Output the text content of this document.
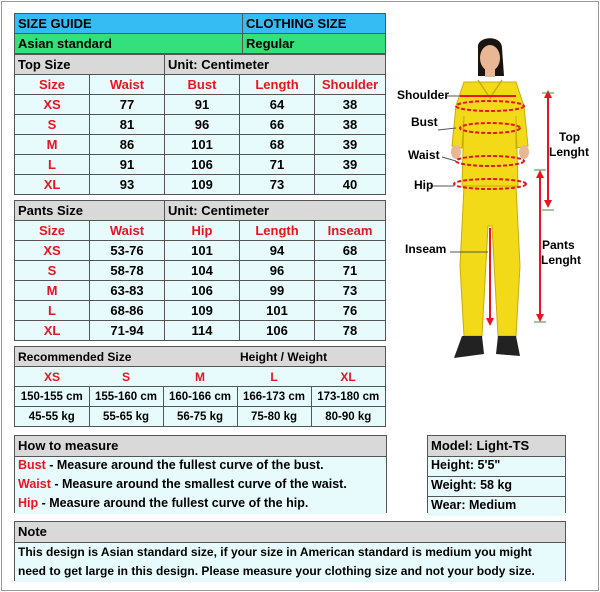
SIZE GUIDE	CLOTHING SIZE
Asian standard	Regular
Top Size		Unit: Centimeter		
Size	Waist	Bust	Length	Shoulder
XS	77	91	64	38
S	81	96	66	38
M	86	101	68	39
L	91	106	71	39
XL	93	109	73	40
Pants Size		Unit: Centimeter		
Size	Waist	Hip	Length	Inseam
XS	53-76	101	94	68
S	58-78	104	96	71
M	63-83	106	99	73
L	68-86	109	101	76
XL	71-94	114	106	78
Recommended Size			Height / Weight	
XS	S	M	L	XL
150-155 cm	155-160 cm	160-166 cm	166-173 cm	173-180 cm
45-55 kg	55-65 kg	56-75 kg	75-80 kg	80-90 kg
How to measure
Bust - Measure around the fullest curve of the bust.
Waist - Measure around the smallest curve of the waist.
Hip - Measure around the fullest curve of the hip.
Model: Light-TS
Height: 5'5"
Weight: 58 kg
Wear: Medium
Note
This design is Asian standard size, if your size in American standard is medium you might
need to get large in this design. Please measure your clothing size and not your body size.
Shoulder
Bust
Waist
Hip
Inseam
Top
Lenght
Pants
Lenght
